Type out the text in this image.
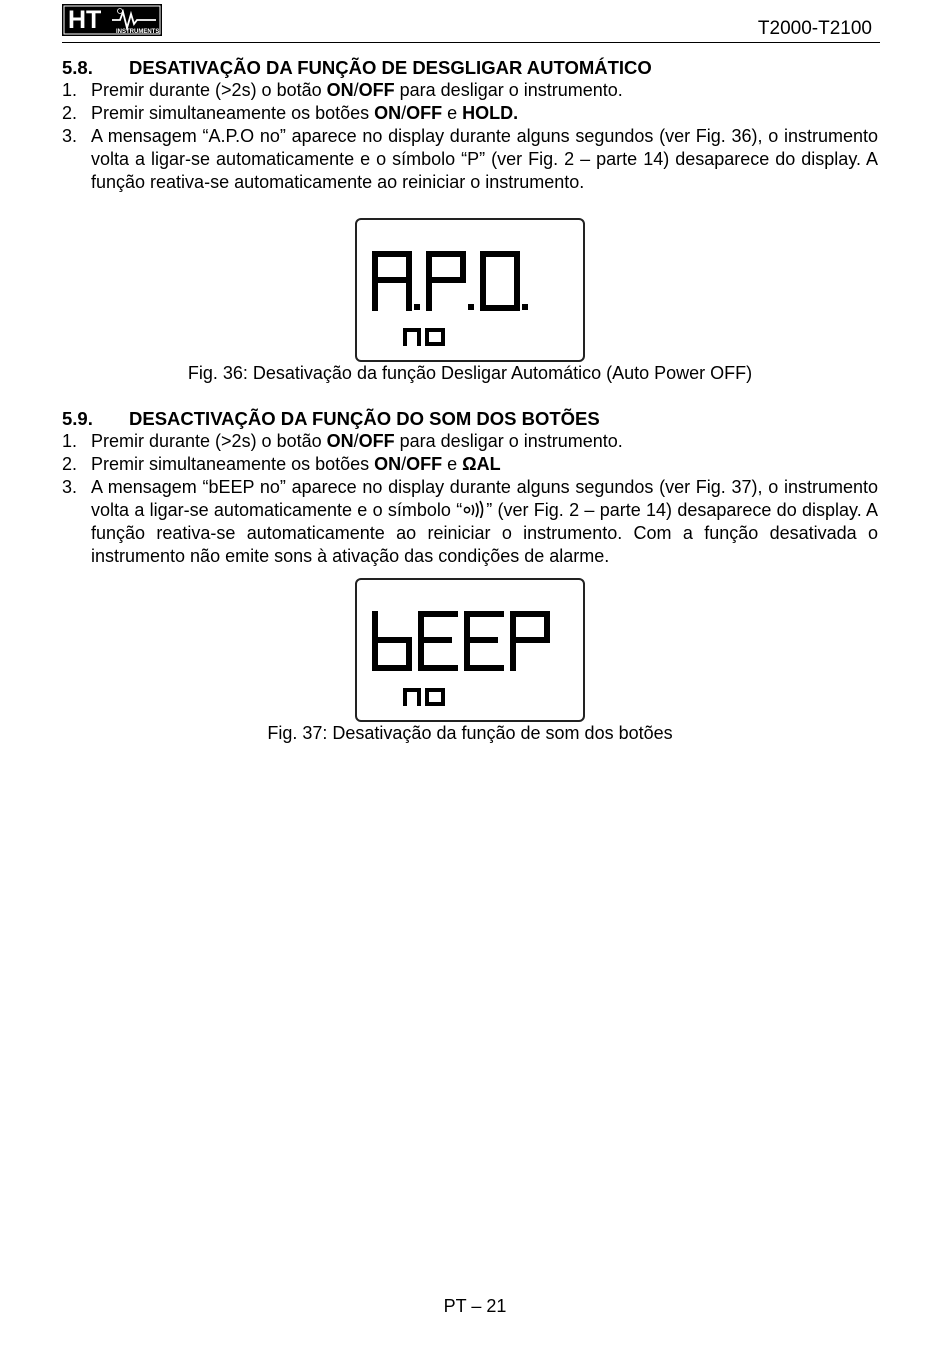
HT INSTRUMENTS	T2000-T2100

5.8. DESATIVAÇÃO DA FUNÇÃO DE DESGLIGAR AUTOMÁTICO

1. Premir durante (>2s) o botão ON/OFF para desligar o instrumento.
2. Premir simultaneamente os botões ON/OFF e HOLD.
3. A mensagem “A.P.O no” aparece no display durante alguns segundos (ver Fig. 36), o instrumento volta a ligar-se automaticamente e o símbolo “P” (ver Fig. 2 – parte 14) desaparece do display. A função reativa-se automaticamente ao reiniciar o instrumento.

Fig. 36: Desativação da função Desligar Automático (Auto Power OFF)

5.9. DESACTIVAÇÃO DA FUNÇÃO DO SOM DOS BOTÕES

1. Premir durante (>2s) o botão ON/OFF para desligar o instrumento.
2. Premir simultaneamente os botões ON/OFF e ΩAL
3. A mensagem “bEEP no” aparece no display durante alguns segundos (ver Fig. 37), o instrumento volta a ligar-se automaticamente e o símbolo “ ” (ver Fig. 2 – parte 14) desaparece do display. A função reativa-se automaticamente ao reiniciar o instrumento. Com a função desativada o instrumento não emite sons à ativação das condições de alarme.

Fig. 37: Desativação da função de som dos botões

PT – 21
